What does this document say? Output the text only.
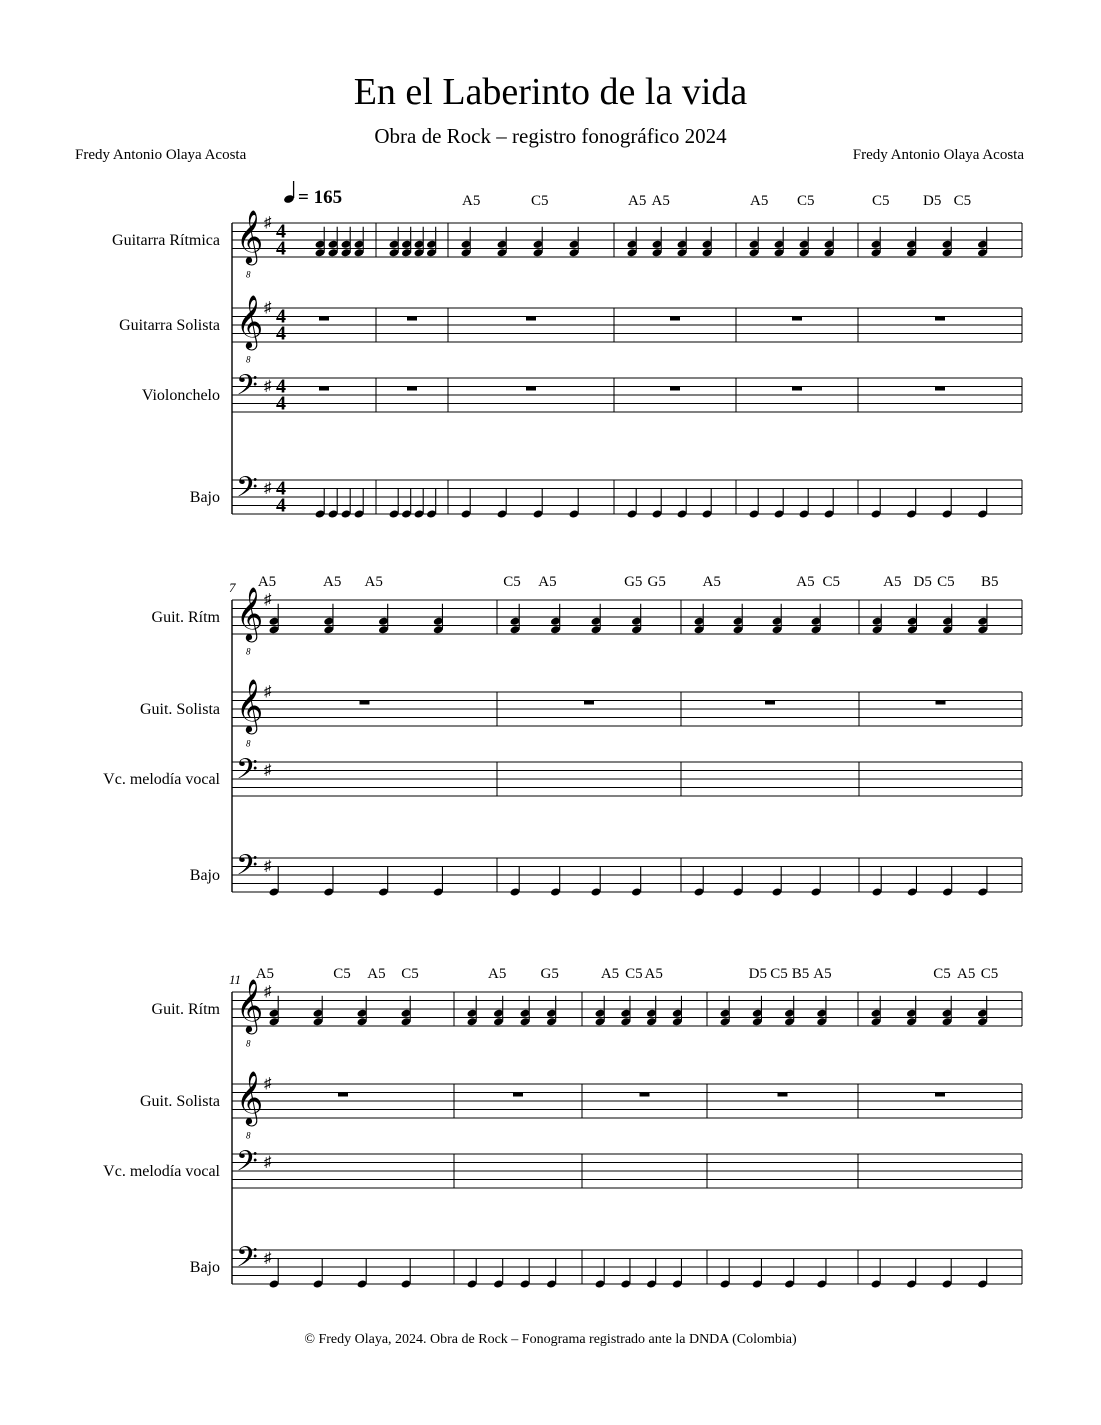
En el Laberinto de la vida
Obra de Rock – registro fonográfico 2024
Fredy Antonio Olaya Acosta	Fredy Antonio Olaya Acosta
= 165
Guitarra Rítmica 𝄞
8
♯ 4
4
Guitarra Solista 𝄞
8
♯ 4
4
Violonchelo 𝄢 ♯ 4
4
Bajo 𝄢 ♯ 4
4
A5	C5	A5 A5	A5 C5	C5 D5 C5
7
Guit. Rítm 𝄞
8
♯
Guit. Solista 𝄞
8
♯
Vc. melodía vocal 𝄢 ♯
Bajo 𝄢 ♯
A5	A5 A5	C5 A5	G5 G5 A5	A5 C5	A5 D5 C5 B5
11
Guit. Rítm 𝄞
8
♯
Guit. Solista 𝄞
8
♯
Vc. melodía vocal 𝄢 ♯
Bajo 𝄢 ♯
A5	C5 A5 C5	A5 G5	A5 C5 A5	D5 C5 B5 A5	C5 A5 C5
© Fredy Olaya, 2024. Obra de Rock – Fonograma registrado ante la DNDA (Colombia)
